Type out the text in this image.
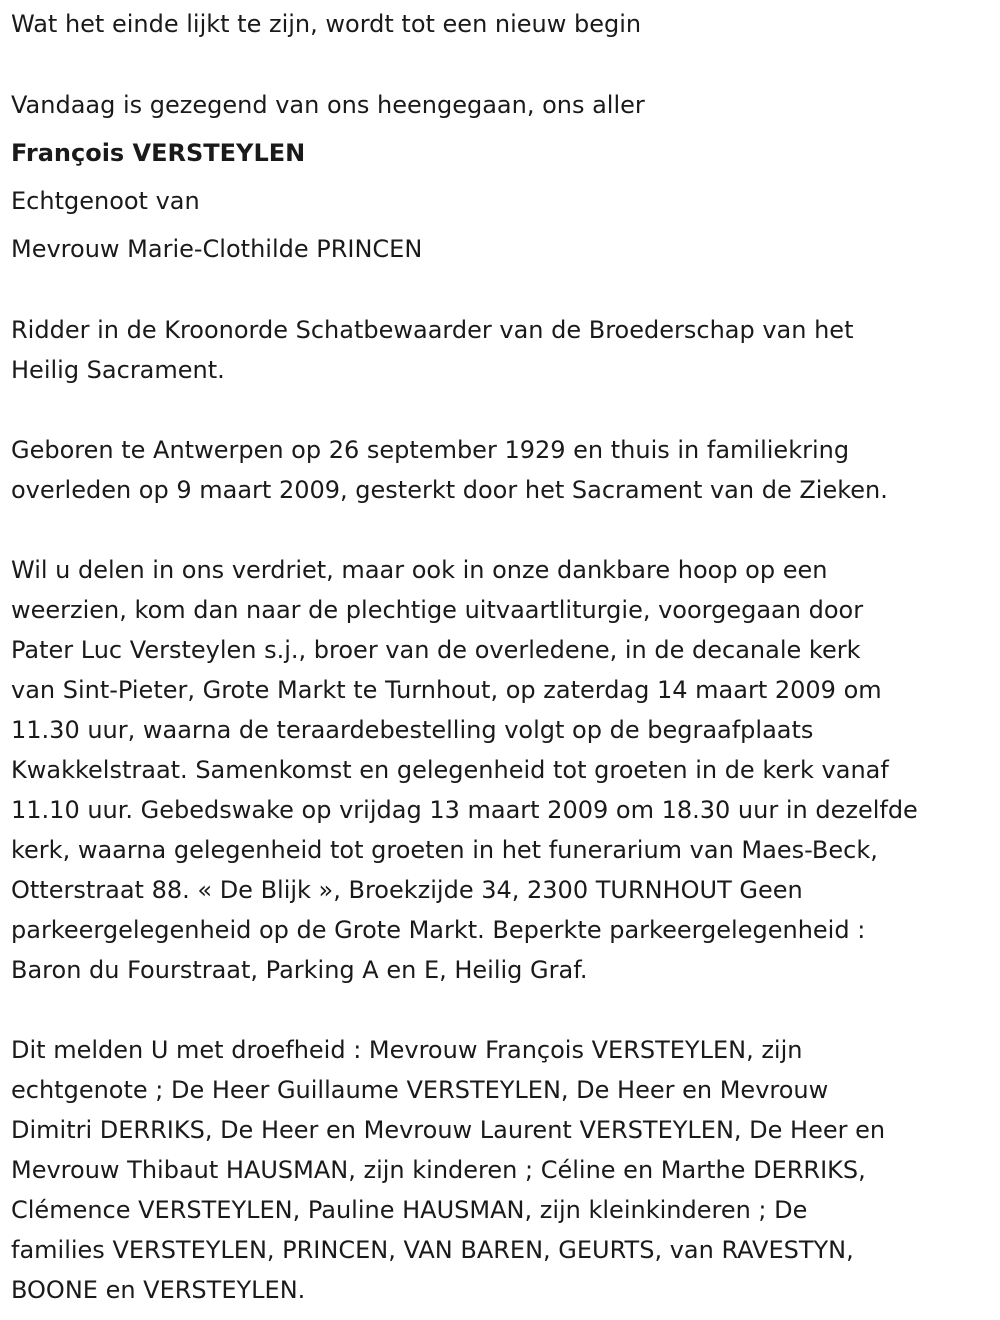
Wat het einde lijkt te zijn, wordt tot een nieuw begin
Vandaag is gezegend van ons heengegaan, ons aller
François VERSTEYLEN
Echtgenoot van
Mevrouw Marie-Clothilde PRINCEN
Ridder in de Kroonorde Schatbewaarder van de Broederschap van het
Heilig Sacrament.
Geboren te Antwerpen op 26 september 1929 en thuis in familiekring
overleden op 9 maart 2009, gesterkt door het Sacrament van de Zieken.
Wil u delen in ons verdriet, maar ook in onze dankbare hoop op een
weerzien, kom dan naar de plechtige uitvaartliturgie, voorgegaan door
Pater Luc Versteylen s.j., broer van de overledene, in de decanale kerk
van Sint-Pieter, Grote Markt te Turnhout, op zaterdag 14 maart 2009 om
11.30 uur, waarna de teraardebestelling volgt op de begraafplaats
Kwakkelstraat. Samenkomst en gelegenheid tot groeten in de kerk vanaf
11.10 uur. Gebedswake op vrijdag 13 maart 2009 om 18.30 uur in dezelfde
kerk, waarna gelegenheid tot groeten in het funerarium van Maes-Beck,
Otterstraat 88. « De Blijk », Broekzijde 34, 2300 TURNHOUT Geen
parkeergelegenheid op de Grote Markt. Beperkte parkeergelegenheid :
Baron du Fourstraat, Parking A en E, Heilig Graf.
Dit melden U met droefheid : Mevrouw François VERSTEYLEN, zijn
echtgenote ; De Heer Guillaume VERSTEYLEN, De Heer en Mevrouw
Dimitri DERRIKS, De Heer en Mevrouw Laurent VERSTEYLEN, De Heer en
Mevrouw Thibaut HAUSMAN, zijn kinderen ; Céline en Marthe DERRIKS,
Clémence VERSTEYLEN, Pauline HAUSMAN, zijn kleinkinderen ; De
families VERSTEYLEN, PRINCEN, VAN BAREN, GEURTS, van RAVESTYN,
BOONE en VERSTEYLEN.
